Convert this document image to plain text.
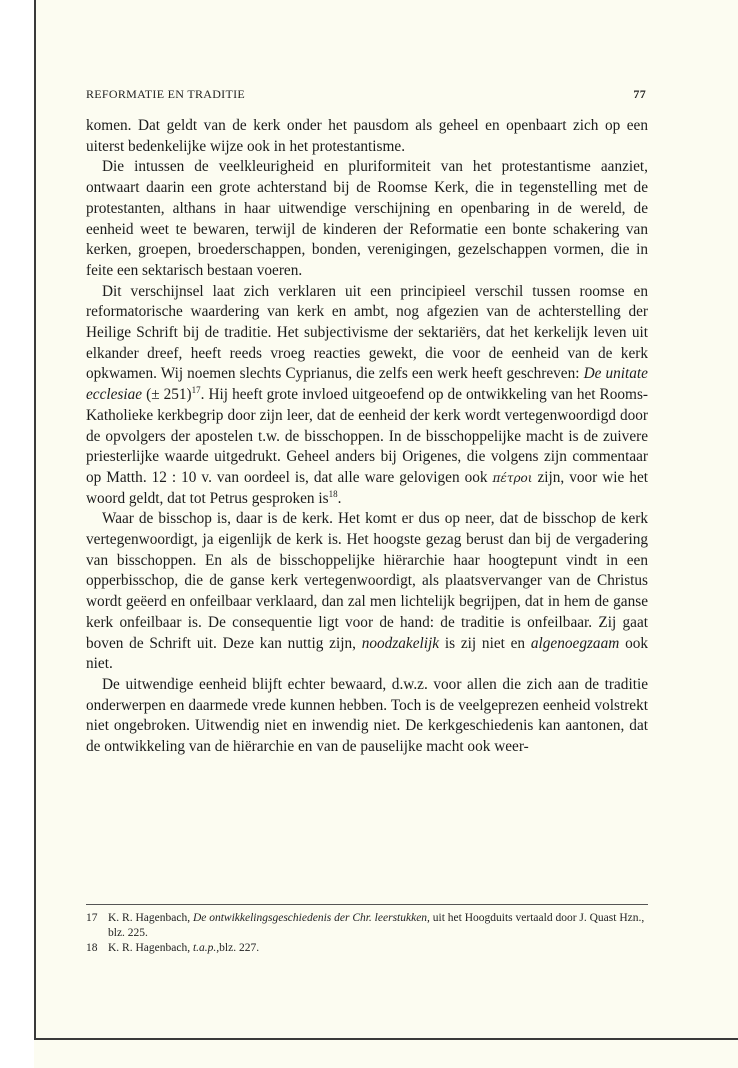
REFORMATIE EN TRADITIE	77

komen. Dat geldt van de kerk onder het pausdom als geheel en openbaart zich op een uiterst bedenkelijke wijze ook in het protestantisme.

Die intussen de veelkleurigheid en pluriformiteit van het protestantisme aanziet, ontwaart daarin een grote achterstand bij de Roomse Kerk, die in tegenstelling met de protestanten, althans in haar uitwendige verschijning en openbaring in de wereld, de eenheid weet te bewaren, terwijl de kinderen der Reformatie een bonte schakering van kerken, groepen, broederschappen, bonden, verenigingen, gezelschappen vormen, die in feite een sektarisch bestaan voeren.

Dit verschijnsel laat zich verklaren uit een principieel verschil tussen roomse en reformatorische waardering van kerk en ambt, nog afgezien van de achterstelling der Heilige Schrift bij de traditie. Het subjectivisme der sektariërs, dat het kerkelijk leven uit elkander dreef, heeft reeds vroeg reacties gewekt, die voor de eenheid van de kerk opkwamen. Wij noemen slechts Cyprianus, die zelfs een werk heeft geschreven: De unitate ecclesiae (± 251)$^{17}$. Hij heeft grote invloed uitgeoefend op de ontwikkeling van het Rooms-Katholieke kerkbegrip door zijn leer, dat de eenheid der kerk wordt vertegenwoordigd door de opvolgers der apostelen t.w. de bisschoppen. In de bisschoppelijke macht is de zuivere priesterlijke waarde uitgedrukt. Geheel anders bij Origenes, die volgens zijn commentaar op Matth. 12 : 10 v. van oordeel is, dat alle ware gelovigen ook πέτροι zijn, voor wie het woord geldt, dat tot Petrus gesproken $is^{18}$.

Waar de bisschop is, daar is de kerk. Het komt er dus op neer, dat de bisschop de kerk vertegenwoordigt, ja eigenlijk de kerk is. Het hoogste gezag berust dan bij de vergadering van bisschoppen. En als de bisschoppelijke hiërarchie haar hoogtepunt vindt in een opperbisschop, die de ganse kerk vertegenwoordigt, als plaatsvervanger van de Christus wordt geëerd en onfeilbaar verklaard, dan zal men lichtelijk begrijpen, dat in hem de ganse kerk onfeilbaar is. De consequentie ligt voor de hand: de traditie is onfeilbaar. Zij gaat boven de Schrift uit. Deze kan nuttig zijn, noodzakelijk is zij niet en algenoegzaam ook niet.

De uitwendige eenheid blijft echter bewaard, d.w.z. voor allen die zich aan de traditie onderwerpen en daarmede vrede kunnen hebben. Toch is de veelgeprezen eenheid volstrekt niet ongebroken. Uitwendig niet en inwendig niet. De kerkgeschiedenis kan aantonen, dat de ontwikkeling van de hiërarchie en van de pauselijke macht ook weer-

17 K. R. Hagenbach, De ontwikkelingsgeschiedenis der Chr. leerstukken, uit het Hoogduits vertaald door J. Quast Hzn., blz. 225.
18 K. R. Hagenbach, t.a.p.,blz. 227.
